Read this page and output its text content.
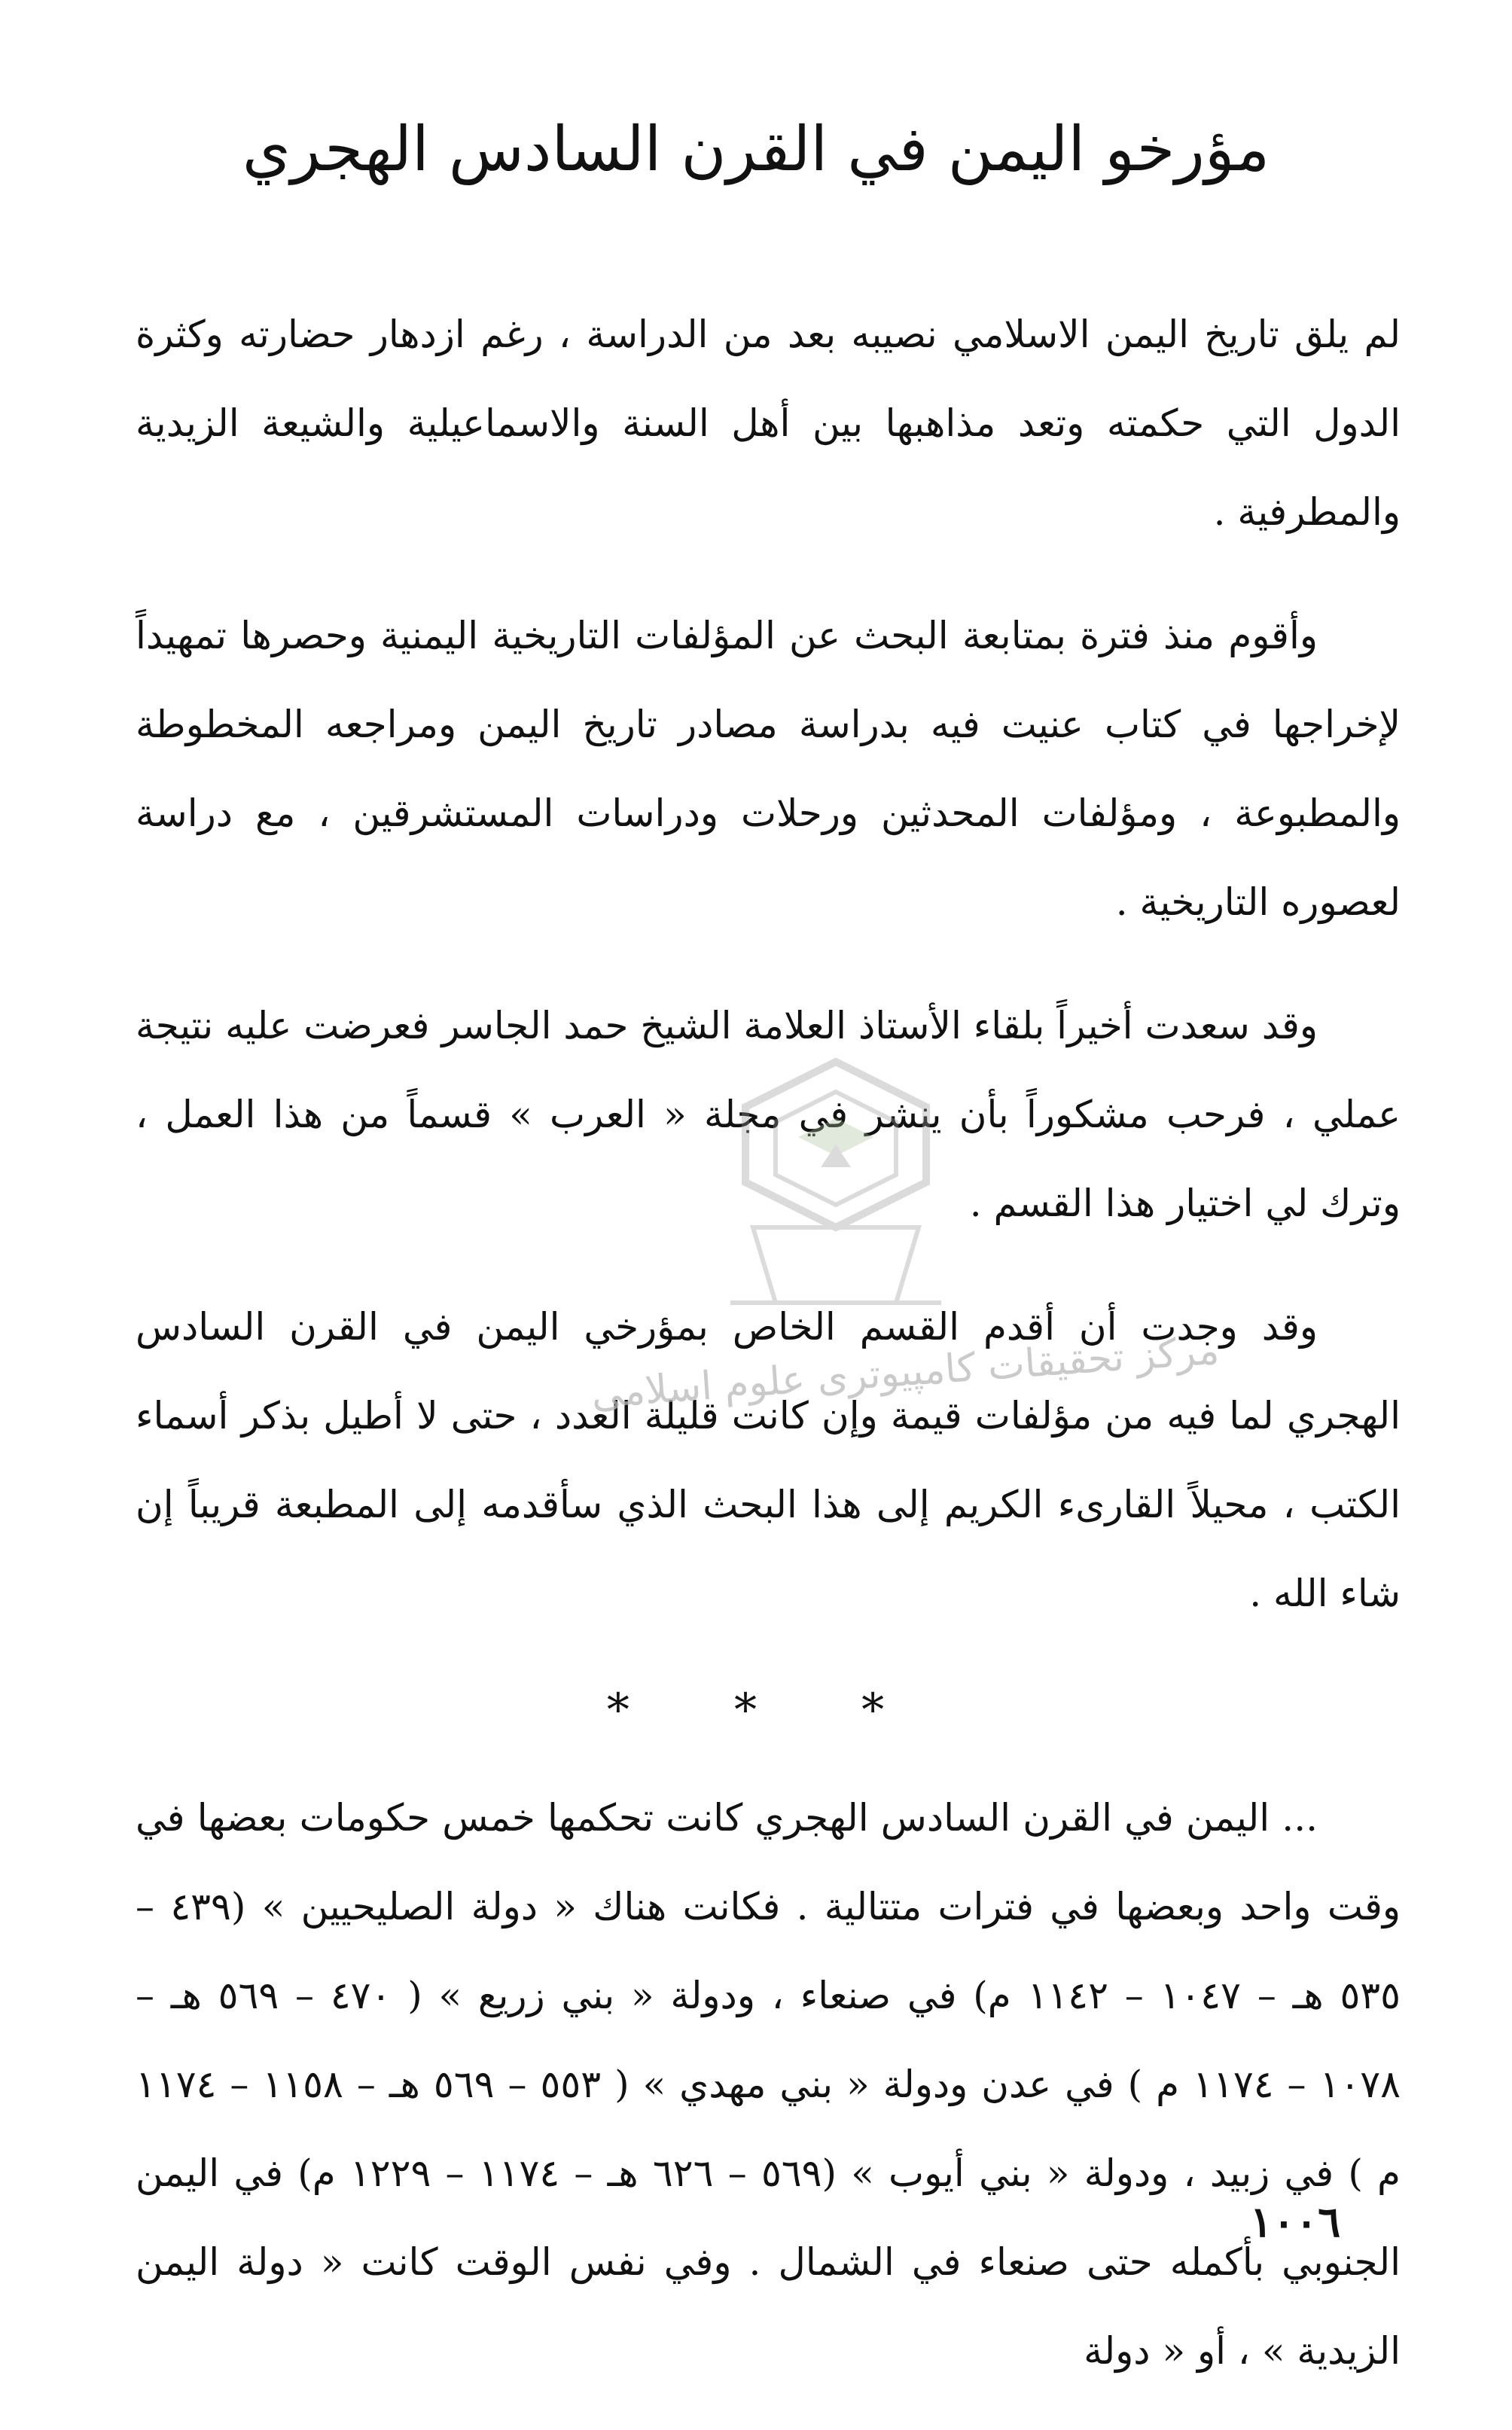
مؤرخو اليمن في القرن السادس الهجري

لم يلق تاريخ اليمن الاسلامي نصيبه بعد من الدراسة ، رغم ازدهار حضارته وكثرة الدول التي حكمته وتعد مذاهبها بين أهل السنة والاسماعيلية والشيعة الزيدية والمطرفية .

وأقوم منذ فترة بمتابعة البحث عن المؤلفات التاريخية اليمنية وحصرها تمهيداً لإخراجها في كتاب عنيت فيه بدراسة مصادر تاريخ اليمن ومراجعه المخطوطة والمطبوعة ، ومؤلفات المحدثين ورحلات ودراسات المستشرقين ، مع دراسة لعصوره التاريخية .

وقد سعدت أخيراً بلقاء الأستاذ العلامة الشيخ حمد الجاسر فعرضت عليه نتيجة عملي ، فرحب مشكوراً بأن ينشر في مجلة « العرب » قسماً من هذا العمل ، وترك لي اختيار هذا القسم .

وقد وجدت أن أقدم القسم الخاص بمؤرخي اليمن في القرن السادس الهجري لما فيه من مؤلفات قيمة وإن كانت قليلة العدد ، حتى لا أطيل بذكر أسماء الكتب ، محيلاً القارىء الكريم إلى هذا البحث الذي سأقدمه إلى المطبعة قريباً إن شاء الله .

* * *

... اليمن في القرن السادس الهجري كانت تحكمها خمس حكومات بعضها في وقت واحد وبعضها في فترات متتالية . فكانت هناك « دولة الصليحيين » (٤٣٩ – ٥٣٥ هـ – ١٠٤٧ – ١١٤٢ م) في صنعاء ، ودولة « بني زريع » ( ٤٧٠ – ٥٦٩ هـ – ١٠٧٨ – ١١٧٤ م ) في عدن ودولة « بني مهدي » ( ٥٥٣ – ٥٦٩ هـ – ١١٥٨ – ١١٧٤ م ) في زبيد ، ودولة « بني أيوب » (٥٦٩ – ٦٢٦ هـ – ١١٧٤ – ١٢٢٩ م) في اليمن الجنوبي بأكمله حتى صنعاء في الشمال . وفي نفس الوقت كانت « دولة اليمن الزيدية » ، أو « دولة

مرکز تحقیقات کامپیوتری علوم اسلامی
١٠٠٦
